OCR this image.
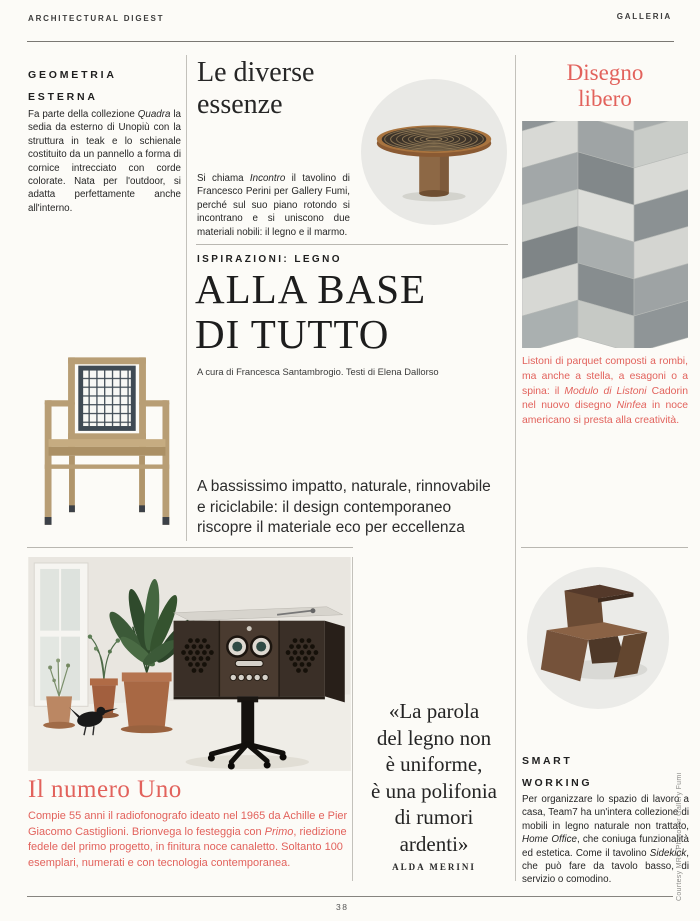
ARCHITECTURAL DIGEST	GALLERIA
GEOMETRIA
ESTERNA
Fa parte della collezione Quadra la sedia da esterno di Unopiù con la struttura in teak e lo schienale costituito da un pannello a forma di cornice intrecciato con corde colorate. Nata per l'outdoor, si adatta perfettamente anche all'interno.
Le diverse
essenze
Si chiama Incontro il tavolino di Francesco Perini per Gallery Fumi, perché sul suo piano rotondo si incontrano e si uniscono due materiali nobili: il legno e il marmo.
ISPIRAZIONI: LEGNO
ALLA BASE
DI TUTTO
A cura di Francesca Santambrogio. Testi di Elena Dallorso
A bassissimo impatto, naturale, rinnovabile
e riciclabile: il design contemporaneo
riscopre il materiale eco per eccellenza
Disegno
libero
Listoni di parquet composti a rombi, ma anche a stella, a esagoni o a spina: il Modulo di Listoni Cadorin nel nuovo disegno Ninfea in noce americano si presta alla creatività.
SMART
WORKING
Per organizzare lo spazio di lavoro a casa, Team7 ha un'intera collezione di mobili in legno naturale non trattato, Home Office, che coniuga funzionalità ed estetica. Come il tavolino Sidekick, che può fare da tavolo basso, di servizio o comodino.
Il numero Uno
Compie 55 anni il radiofonografo ideato nel 1965 da Achille e Pier Giacomo Castiglioni. Brionvega lo festeggia con Primo, riedizione fedele del primo progetto, in finitura noce canaletto. Soltanto 100 esemplari, numerati e con tecnologia contemporanea.
«La parola
del legno non
è uniforme,
è una polifonia
di rumori
ardenti»
ALDA MERINI	Courtesy MRC Photo for Gallery Fumi
38
